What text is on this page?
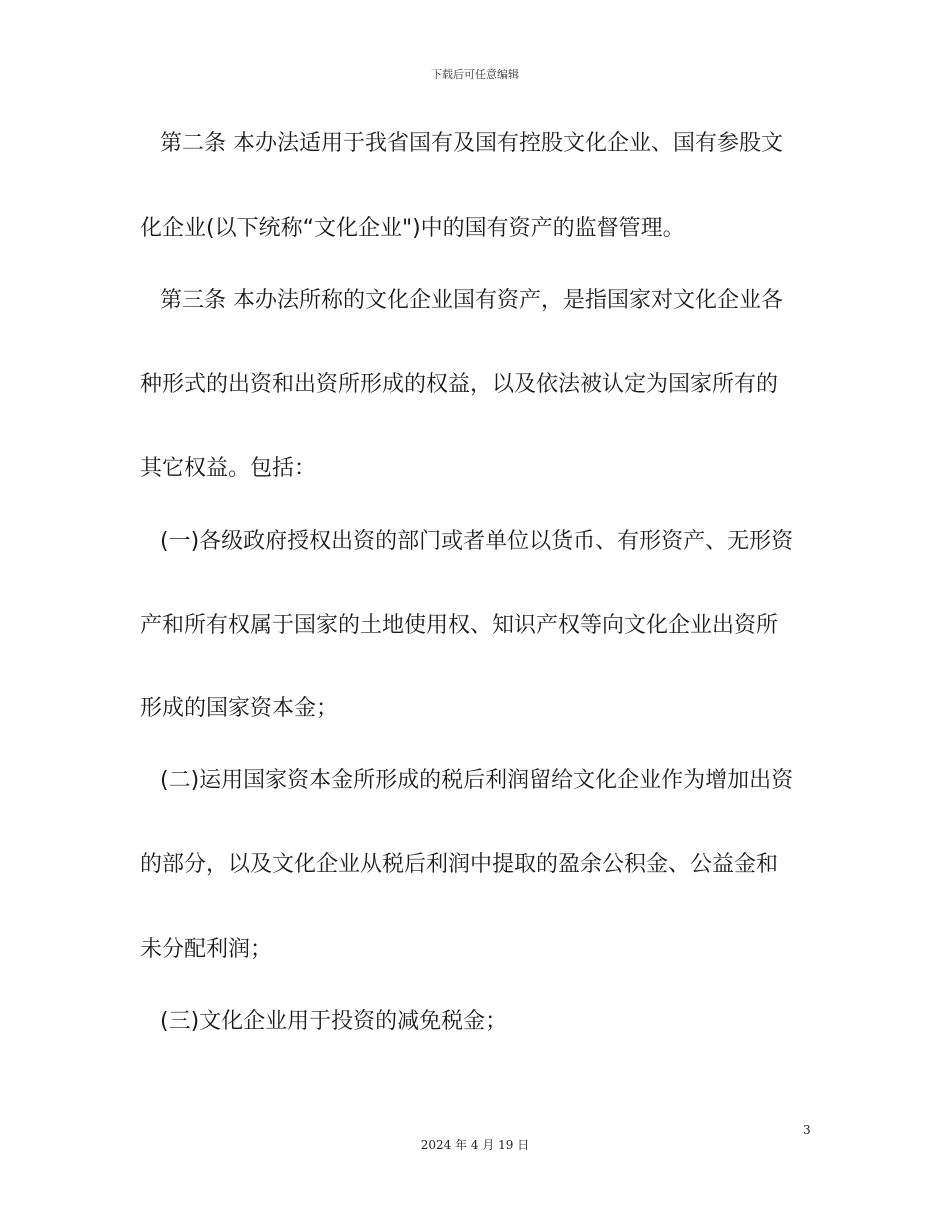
下载后可任意编辑
第二条 本办法适用于我省国有及国有控股文化企业、国有参股文
化企业(以下统称“文化企业")中的国有资产的监督管理。
第三条 本办法所称的文化企业国有资产，是指国家对文化企业各
种形式的出资和出资所形成的权益，以及依法被认定为国家所有的
其它权益。包括：
(一)各级政府授权出资的部门或者单位以货币、有形资产、无形资
产和所有权属于国家的土地使用权、知识产权等向文化企业出资所
形成的国家资本金；
(二)运用国家资本金所形成的税后利润留给文化企业作为增加出资
的部分，以及文化企业从税后利润中提取的盈余公积金、公益金和
未分配利润；
(三)文化企业用于投资的减免税金；
3
2024 年 4 月 19 日
